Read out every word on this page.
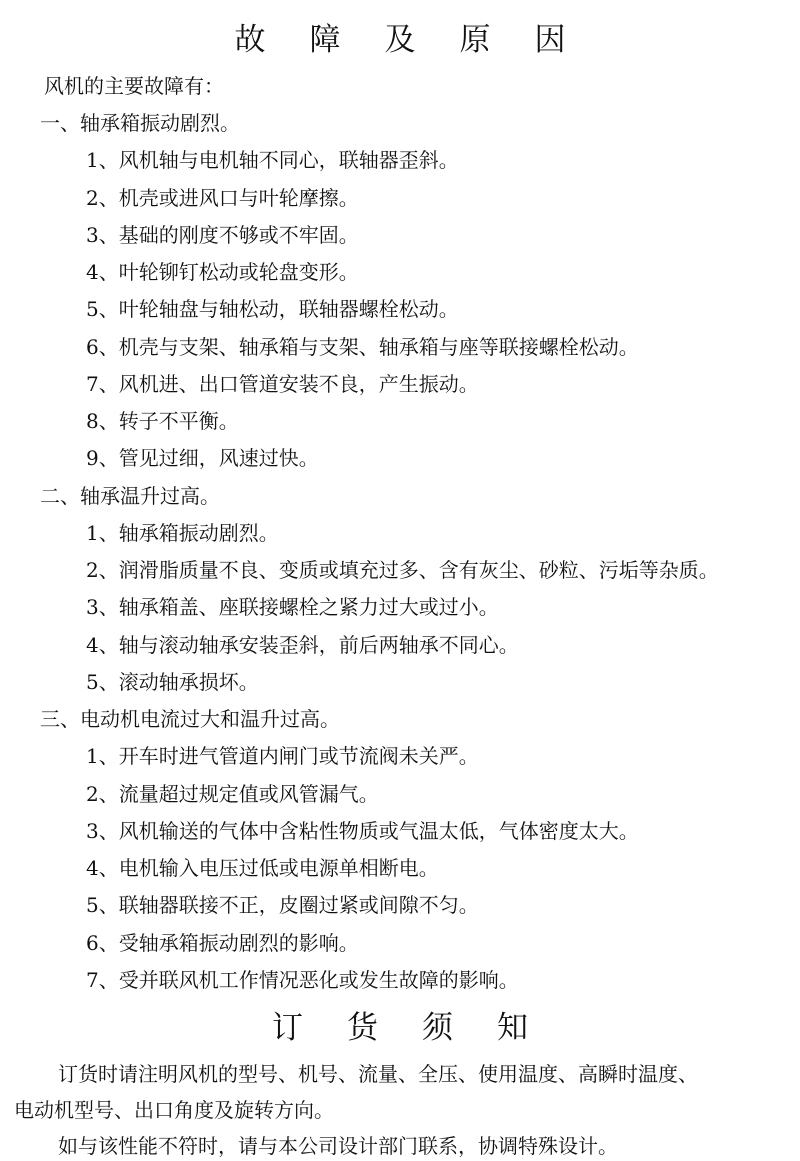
故 障 及 原 因
风机的主要故障有：
一、轴承箱振动剧烈。
1、风机轴与电机轴不同心，联轴器歪斜。
2、机壳或进风口与叶轮摩擦。
3、基础的刚度不够或不牢固。
4、叶轮铆钉松动或轮盘变形。
5、叶轮轴盘与轴松动，联轴器螺栓松动。
6、机壳与支架、轴承箱与支架、轴承箱与座等联接螺栓松动。
7、风机进、出口管道安装不良，产生振动。
8、转子不平衡。
9、管见过细，风速过快。
二、轴承温升过高。
1、轴承箱振动剧烈。
2、润滑脂质量不良、变质或填充过多、含有灰尘、砂粒、污垢等杂质。
3、轴承箱盖、座联接螺栓之紧力过大或过小。
4、轴与滚动轴承安装歪斜，前后两轴承不同心。
5、滚动轴承损坏。
三、电动机电流过大和温升过高。
1、开车时进气管道内闸门或节流阀未关严。
2、流量超过规定值或风管漏气。
3、风机输送的气体中含粘性物质或气温太低，气体密度太大。
4、电机输入电压过低或电源单相断电。
5、联轴器联接不正，皮圈过紧或间隙不匀。
6、受轴承箱振动剧烈的影响。
7、受并联风机工作情况恶化或发生故障的影响。
订 货 须 知
订货时请注明风机的型号、机号、流量、全压、使用温度、高瞬时温度、
电动机型号、出口角度及旋转方向。
如与该性能不符时，请与本公司设计部门联系，协调特殊设计。
